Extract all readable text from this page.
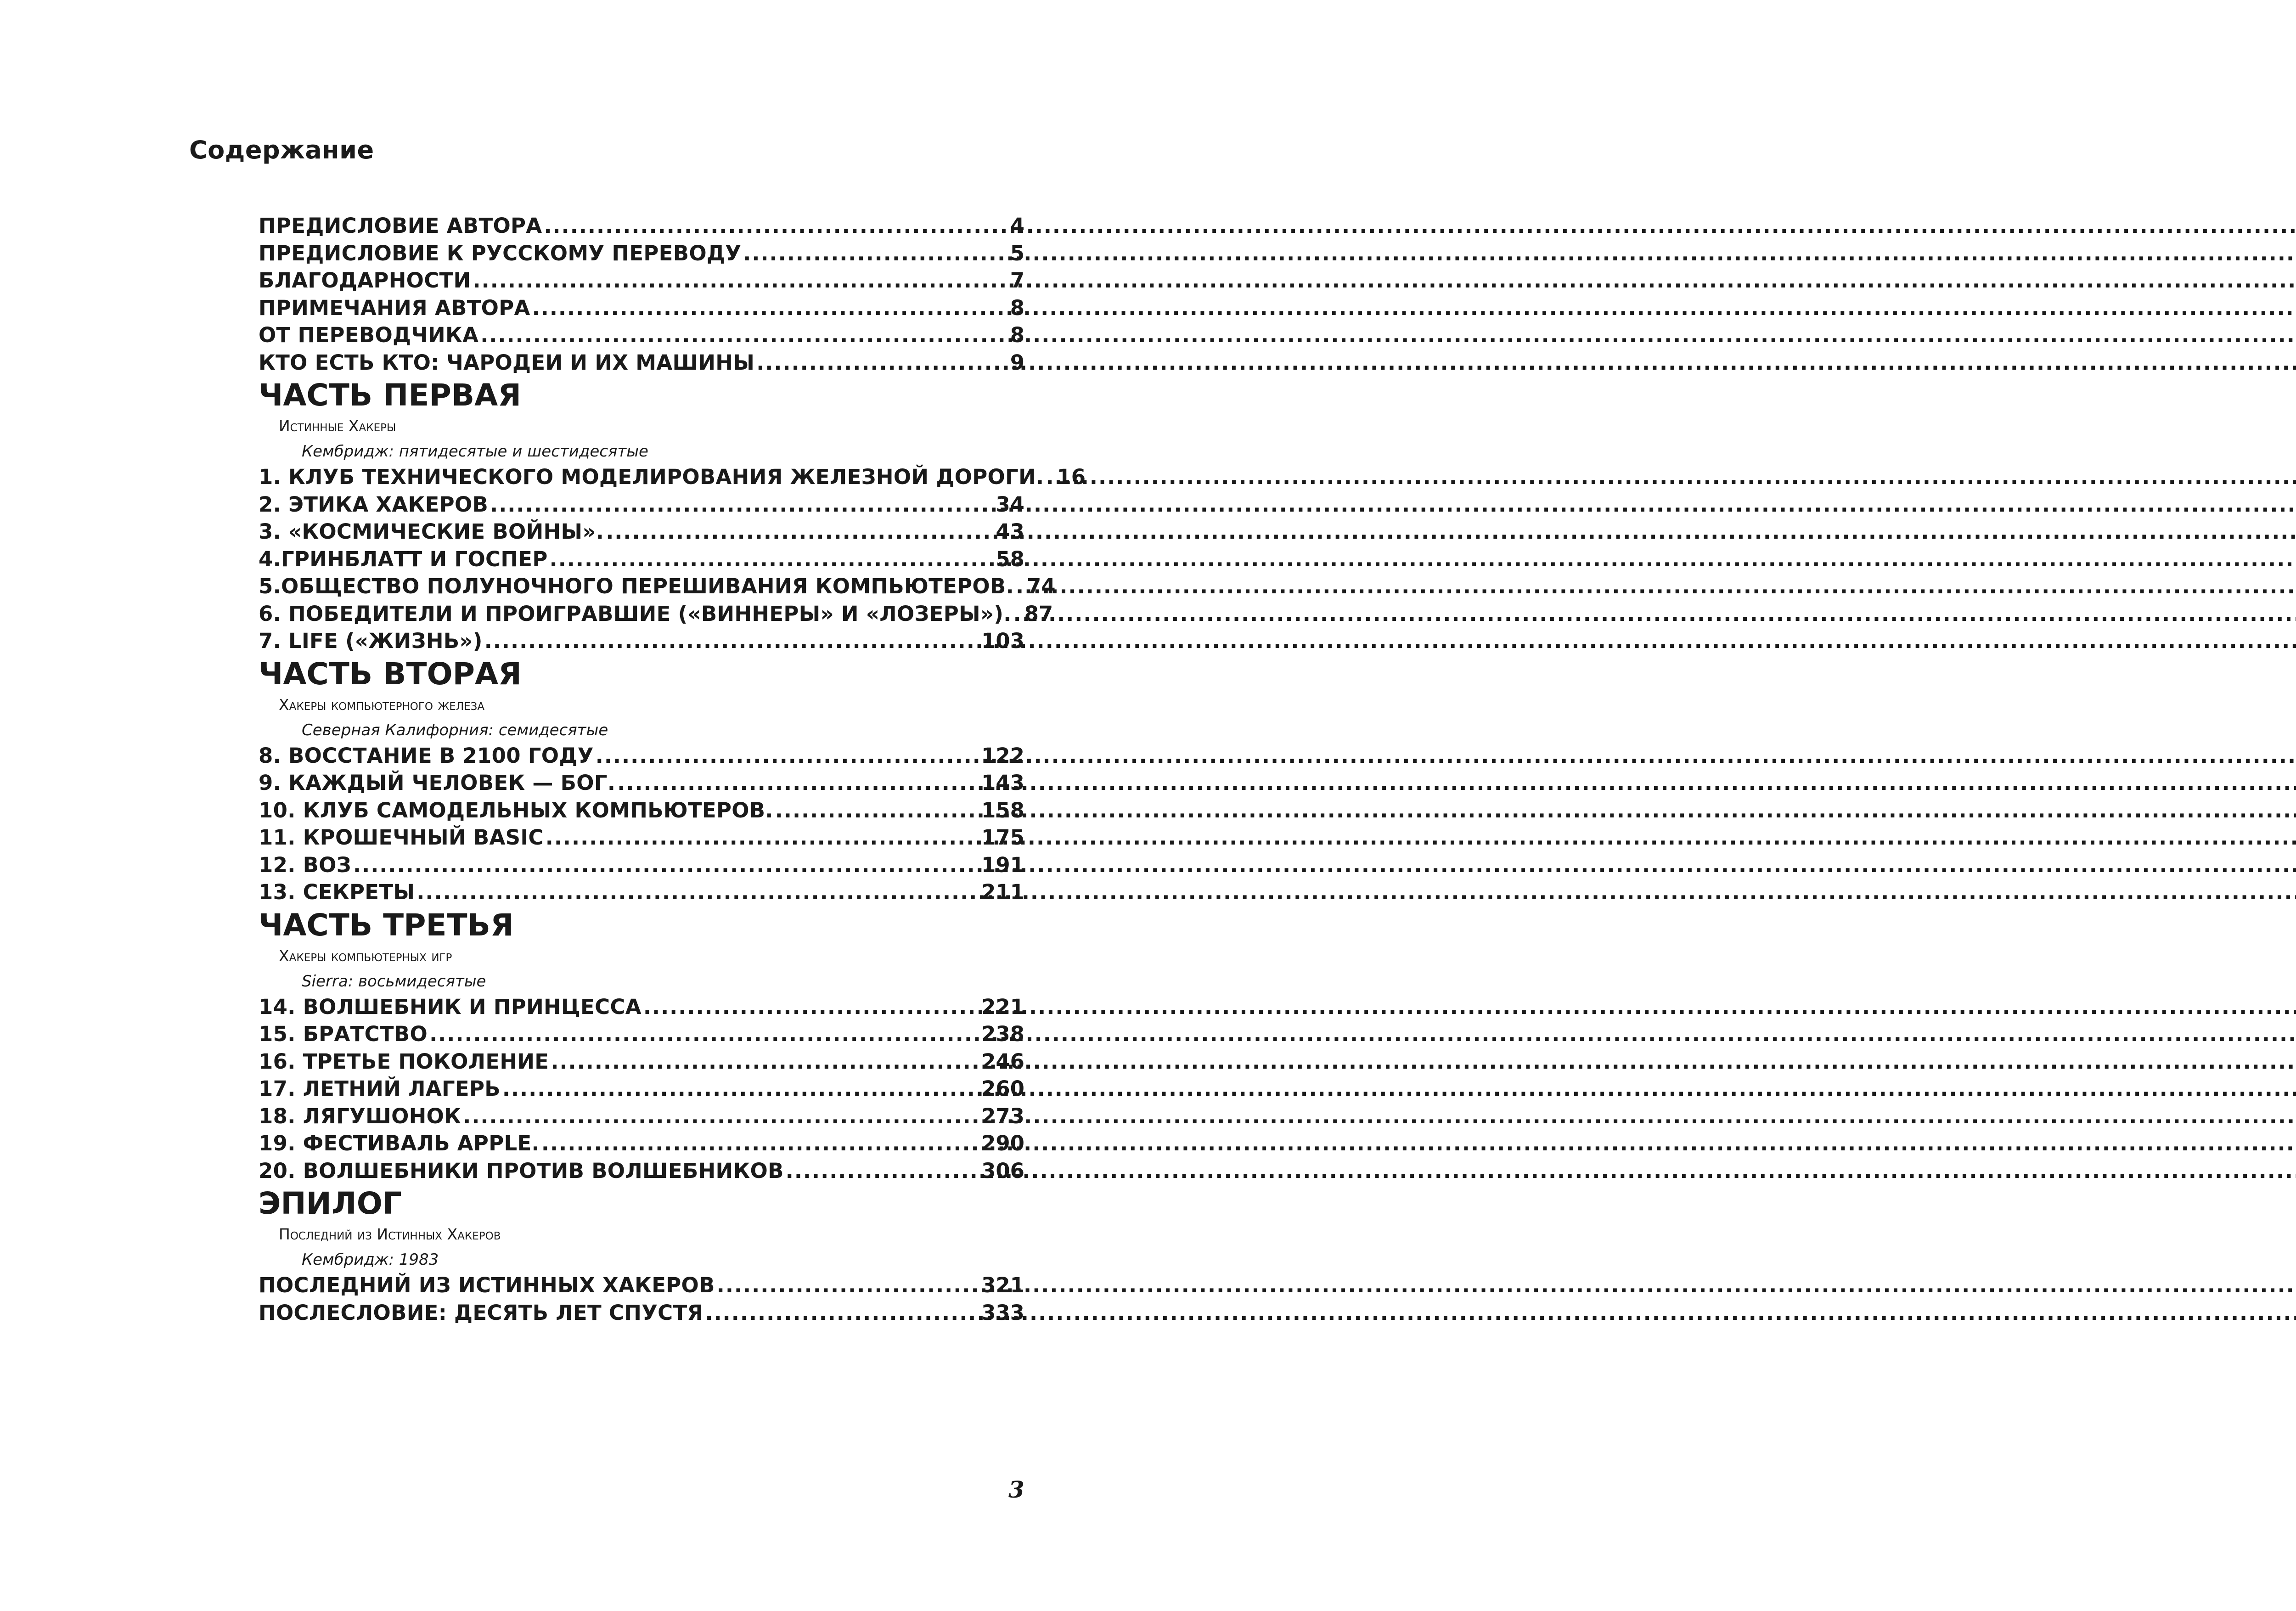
Содержание
ПРЕДИСЛОВИЕ АВТОРА .....	4
ПРЕДИСЛОВИЕ К РУССКОМУ ПЕРЕВОДУ .....	5
БЛАГОДАРНОСТИ .....	7
ПРИМЕЧАНИЯ АВТОРА .....	8
ОТ ПЕРЕВОДЧИКА .....	8
КТО ЕСТЬ КТО: ЧАРОДЕИ И ИХ МАШИНЫ .....	9
ЧАСТЬ ПЕРВАЯ
Истинные Хакеры
Кембридж: пятидесятые и шестидесятые
1. КЛУБ ТЕХНИЧЕСКОГО МОДЕЛИРОВАНИЯ ЖЕЛЕЗНОЙ ДОРОГИ. ..... 16
2. ЭТИКА ХАКЕРОВ .....	34
3. «КОСМИЧЕСКИЕ ВОЙНЫ». .....	43
4.ГРИНБЛАТТ И ГОСПЕР .....	58
5.ОБЩЕСТВО ПОЛУНОЧНОГО ПЕРЕШИВАНИЯ КОМПЬЮТЕРОВ. ..... 74
6. ПОБЕДИТЕЛИ И ПРОИГРАВШИЕ («ВИННЕРЫ» И «ЛОЗЕРЫ»). ..... 87
7. LIFE («ЖИЗНЬ») .....	103
ЧАСТЬ ВТОРАЯ
Хакеры компьютерного железа
Северная Калифорния: семидесятые
8. ВОССТАНИЕ В 2100 ГОДУ .....	122
9. КАЖДЫЙ ЧЕЛОВЕК — БОГ. .....	143
10. КЛУБ САМОДЕЛЬНЫХ КОМПЬЮТЕРОВ. .....	158
11. КРОШЕЧНЫЙ BASIC .....	175
12. ВОЗ .....	191
13. СЕКРЕТЫ .....	211
ЧАСТЬ ТРЕТЬЯ
Хакеры компьютерных игр
Sierra: восьмидесятые
14. ВОЛШЕБНИК И ПРИНЦЕССА .....	221
15. БРАТСТВО .....	238
16. ТРЕТЬЕ ПОКОЛЕНИЕ .....	246
17. ЛЕТНИЙ ЛАГЕРЬ .....	260
18. ЛЯГУШОНОК .....	273
19. ФЕСТИВАЛЬ APPLE. .....	290
20. ВОЛШЕБНИКИ ПРОТИВ ВОЛШЕБНИКОВ .....	306
ЭПИЛОГ
Последний из Истинных Хакеров
Кембридж: 1983
ПОСЛЕДНИЙ ИЗ ИСТИННЫХ ХАКЕРОВ .....	321
ПОСЛЕСЛОВИЕ: ДЕСЯТЬ ЛЕТ СПУСТЯ .....	333
3
